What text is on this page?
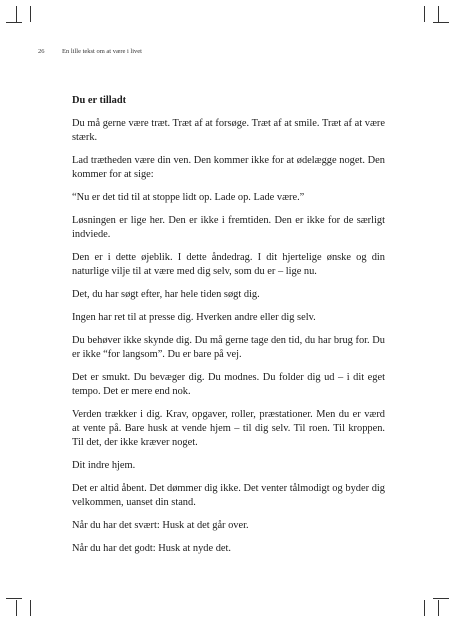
26	En lille tekst om at være i livet
Du er tilladt

Du må gerne være træt. Træt af at forsøge. Træt af at smile. Træt af at være stærk.

Lad trætheden være din ven. Den kommer ikke for at ødelægge noget. Den kommer for at sige:

“Nu er det tid til at stoppe lidt op. Lade op. Lade være.”

Løsningen er lige her. Den er ikke i fremtiden. Den er ikke for de særligt indviede.

Den er i dette øjeblik. I dette åndedrag. I dit hjertelige ønske og din naturlige vilje til at være med dig selv, som du er – lige nu.

Det, du har søgt efter, har hele tiden søgt dig.

Ingen har ret til at presse dig. Hverken andre eller dig selv.

Du behøver ikke skynde dig. Du må gerne tage den tid, du har brug for. Du er ikke “for langsom”. Du er bare på vej.

Det er smukt. Du bevæger dig. Du modnes. Du folder dig ud – i dit eget tempo. Det er mere end nok.

Verden trækker i dig. Krav, opgaver, roller, præstationer. Men du er værd at vente på. Bare husk at vende hjem – til dig selv. Til roen. Til kroppen. Til det, der ikke kræver noget.

Dit indre hjem.

Det er altid åbent. Det dømmer dig ikke. Det venter tålmodigt og byder dig velkommen, uanset din stand.

Når du har det svært: Husk at det går over.

Når du har det godt: Husk at nyde det.
